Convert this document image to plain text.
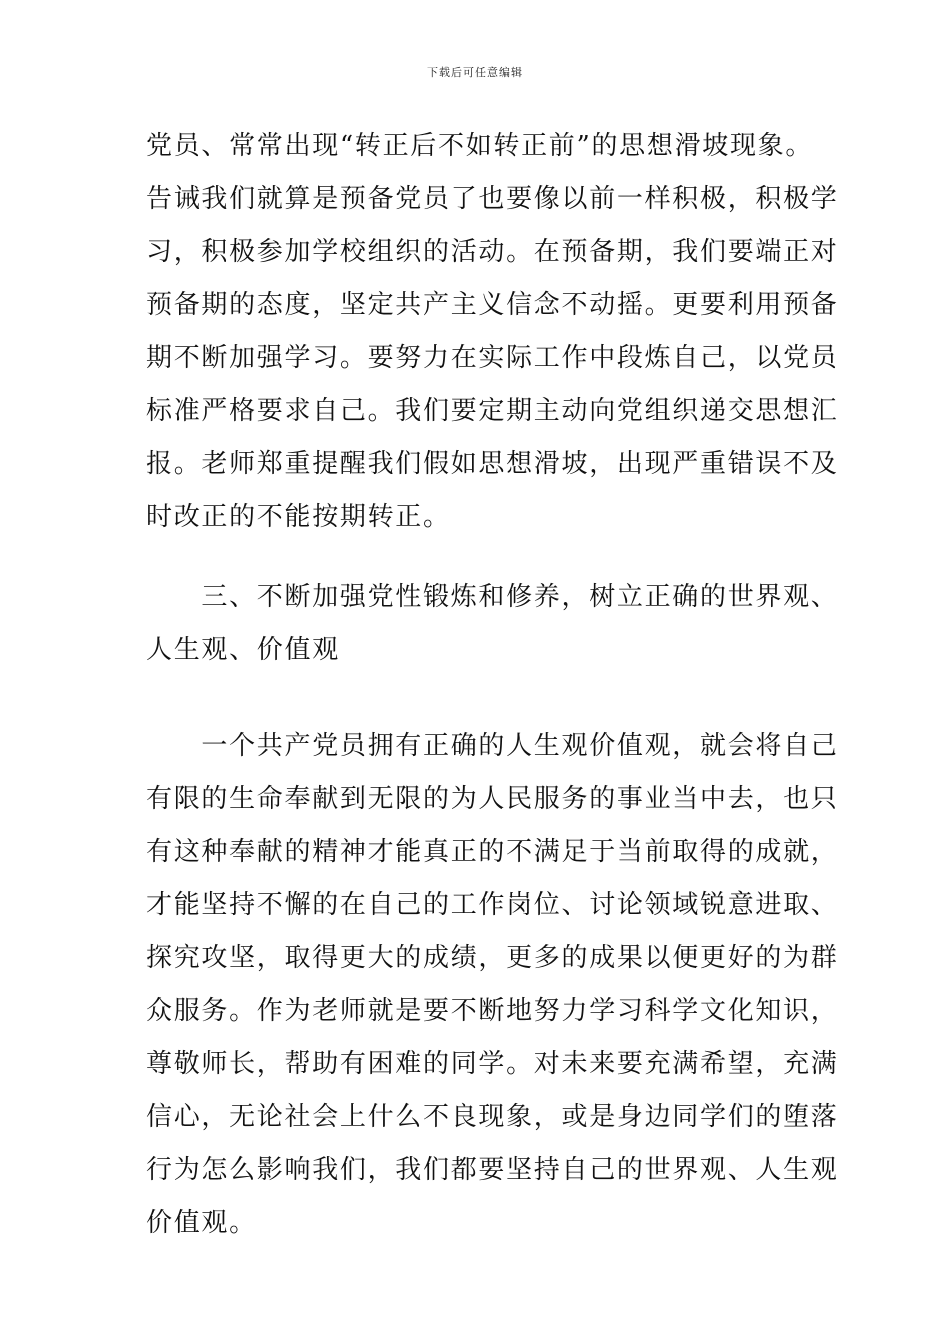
下载后可任意编辑
党员、常常出现“转正后不如转正前”的思想滑坡现象。
告诫我们就算是预备党员了也要像以前一样积极，积极学
习，积极参加学校组织的活动。在预备期，我们要端正对
预备期的态度，坚定共产主义信念不动摇。更要利用预备
期不断加强学习。要努力在实际工作中段炼自己，以党员
标准严格要求自己。我们要定期主动向党组织递交思想汇
报。老师郑重提醒我们假如思想滑坡，出现严重错误不及
时改正的不能按期转正。
　　三、不断加强党性锻炼和修养，树立正确的世界观、
人生观、价值观
　　一个共产党员拥有正确的人生观价值观，就会将自己
有限的生命奉献到无限的为人民服务的事业当中去，也只
有这种奉献的精神才能真正的不满足于当前取得的成就，
才能坚持不懈的在自己的工作岗位、讨论领域锐意进取、
探究攻坚，取得更大的成绩，更多的成果以便更好的为群
众服务。作为老师就是要不断地努力学习科学文化知识，
尊敬师长，帮助有困难的同学。对未来要充满希望，充满
信心，无论社会上什么不良现象，或是身边同学们的堕落
行为怎么影响我们，我们都要坚持自己的世界观、人生观
价值观。
